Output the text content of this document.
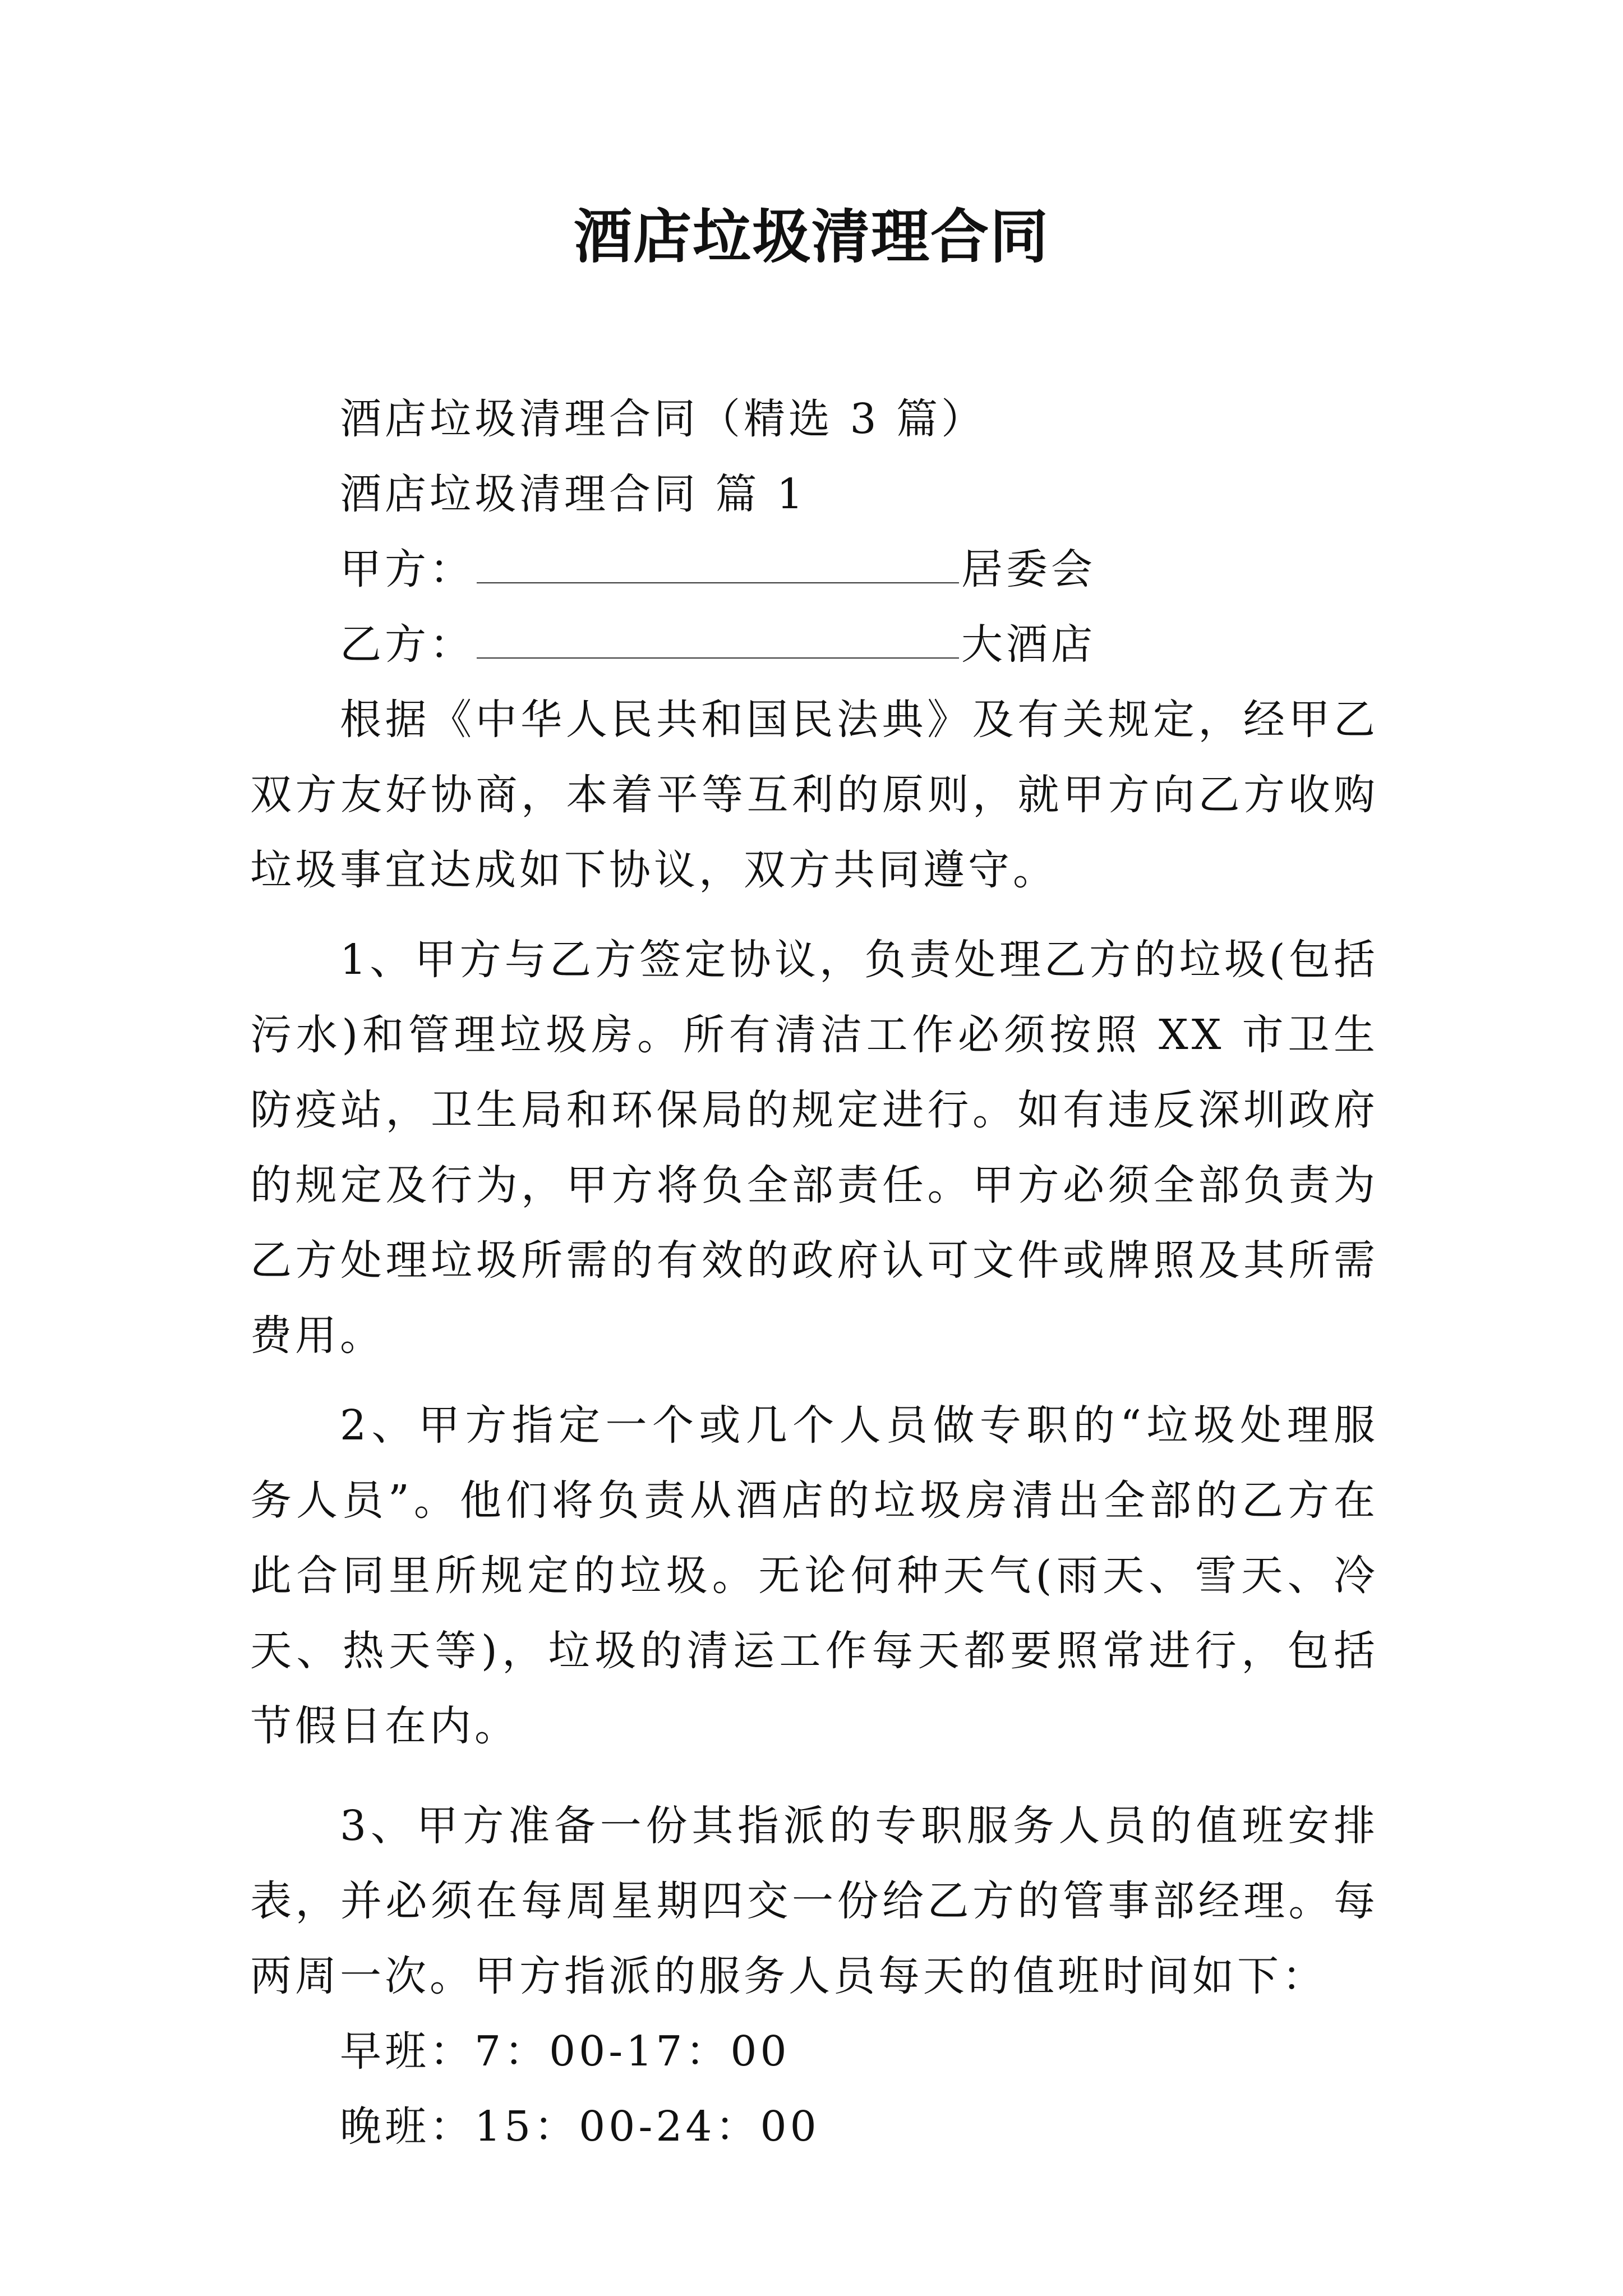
酒店垃圾清理合同

酒店垃圾清理合同（精选 3 篇）

酒店垃圾清理合同 篇 1

甲方：	居委会
乙方：	大酒店

根据《中华人民共和国民法典》及有关规定，经甲乙双方友好协商，本着平等互利的原则，就甲方向乙方收购垃圾事宜达成如下协议，双方共同遵守。

1、甲方与乙方签定协议，负责处理乙方的垃圾(包括污水)和管理垃圾房。所有清洁工作必须按照 XX 市卫生防疫站，卫生局和环保局的规定进行。如有违反深圳政府的规定及行为，甲方将负全部责任。甲方必须全部负责为乙方处理垃圾所需的有效的政府认可文件或牌照及其所需费用。

2、甲方指定一个或几个人员做专职的“垃圾处理服务人员”。他们将负责从酒店的垃圾房清出全部的乙方在此合同里所规定的垃圾。无论何种天气(雨天、雪天、冷天、热天等)，垃圾的清运工作每天都要照常进行，包括节假日在内。

3、甲方准备一份其指派的专职服务人员的值班安排表，并必须在每周星期四交一份给乙方的管事部经理。每两周一次。甲方指派的服务人员每天的值班时间如下：

早班：7：00-17：00

晚班：15：00-24：00
